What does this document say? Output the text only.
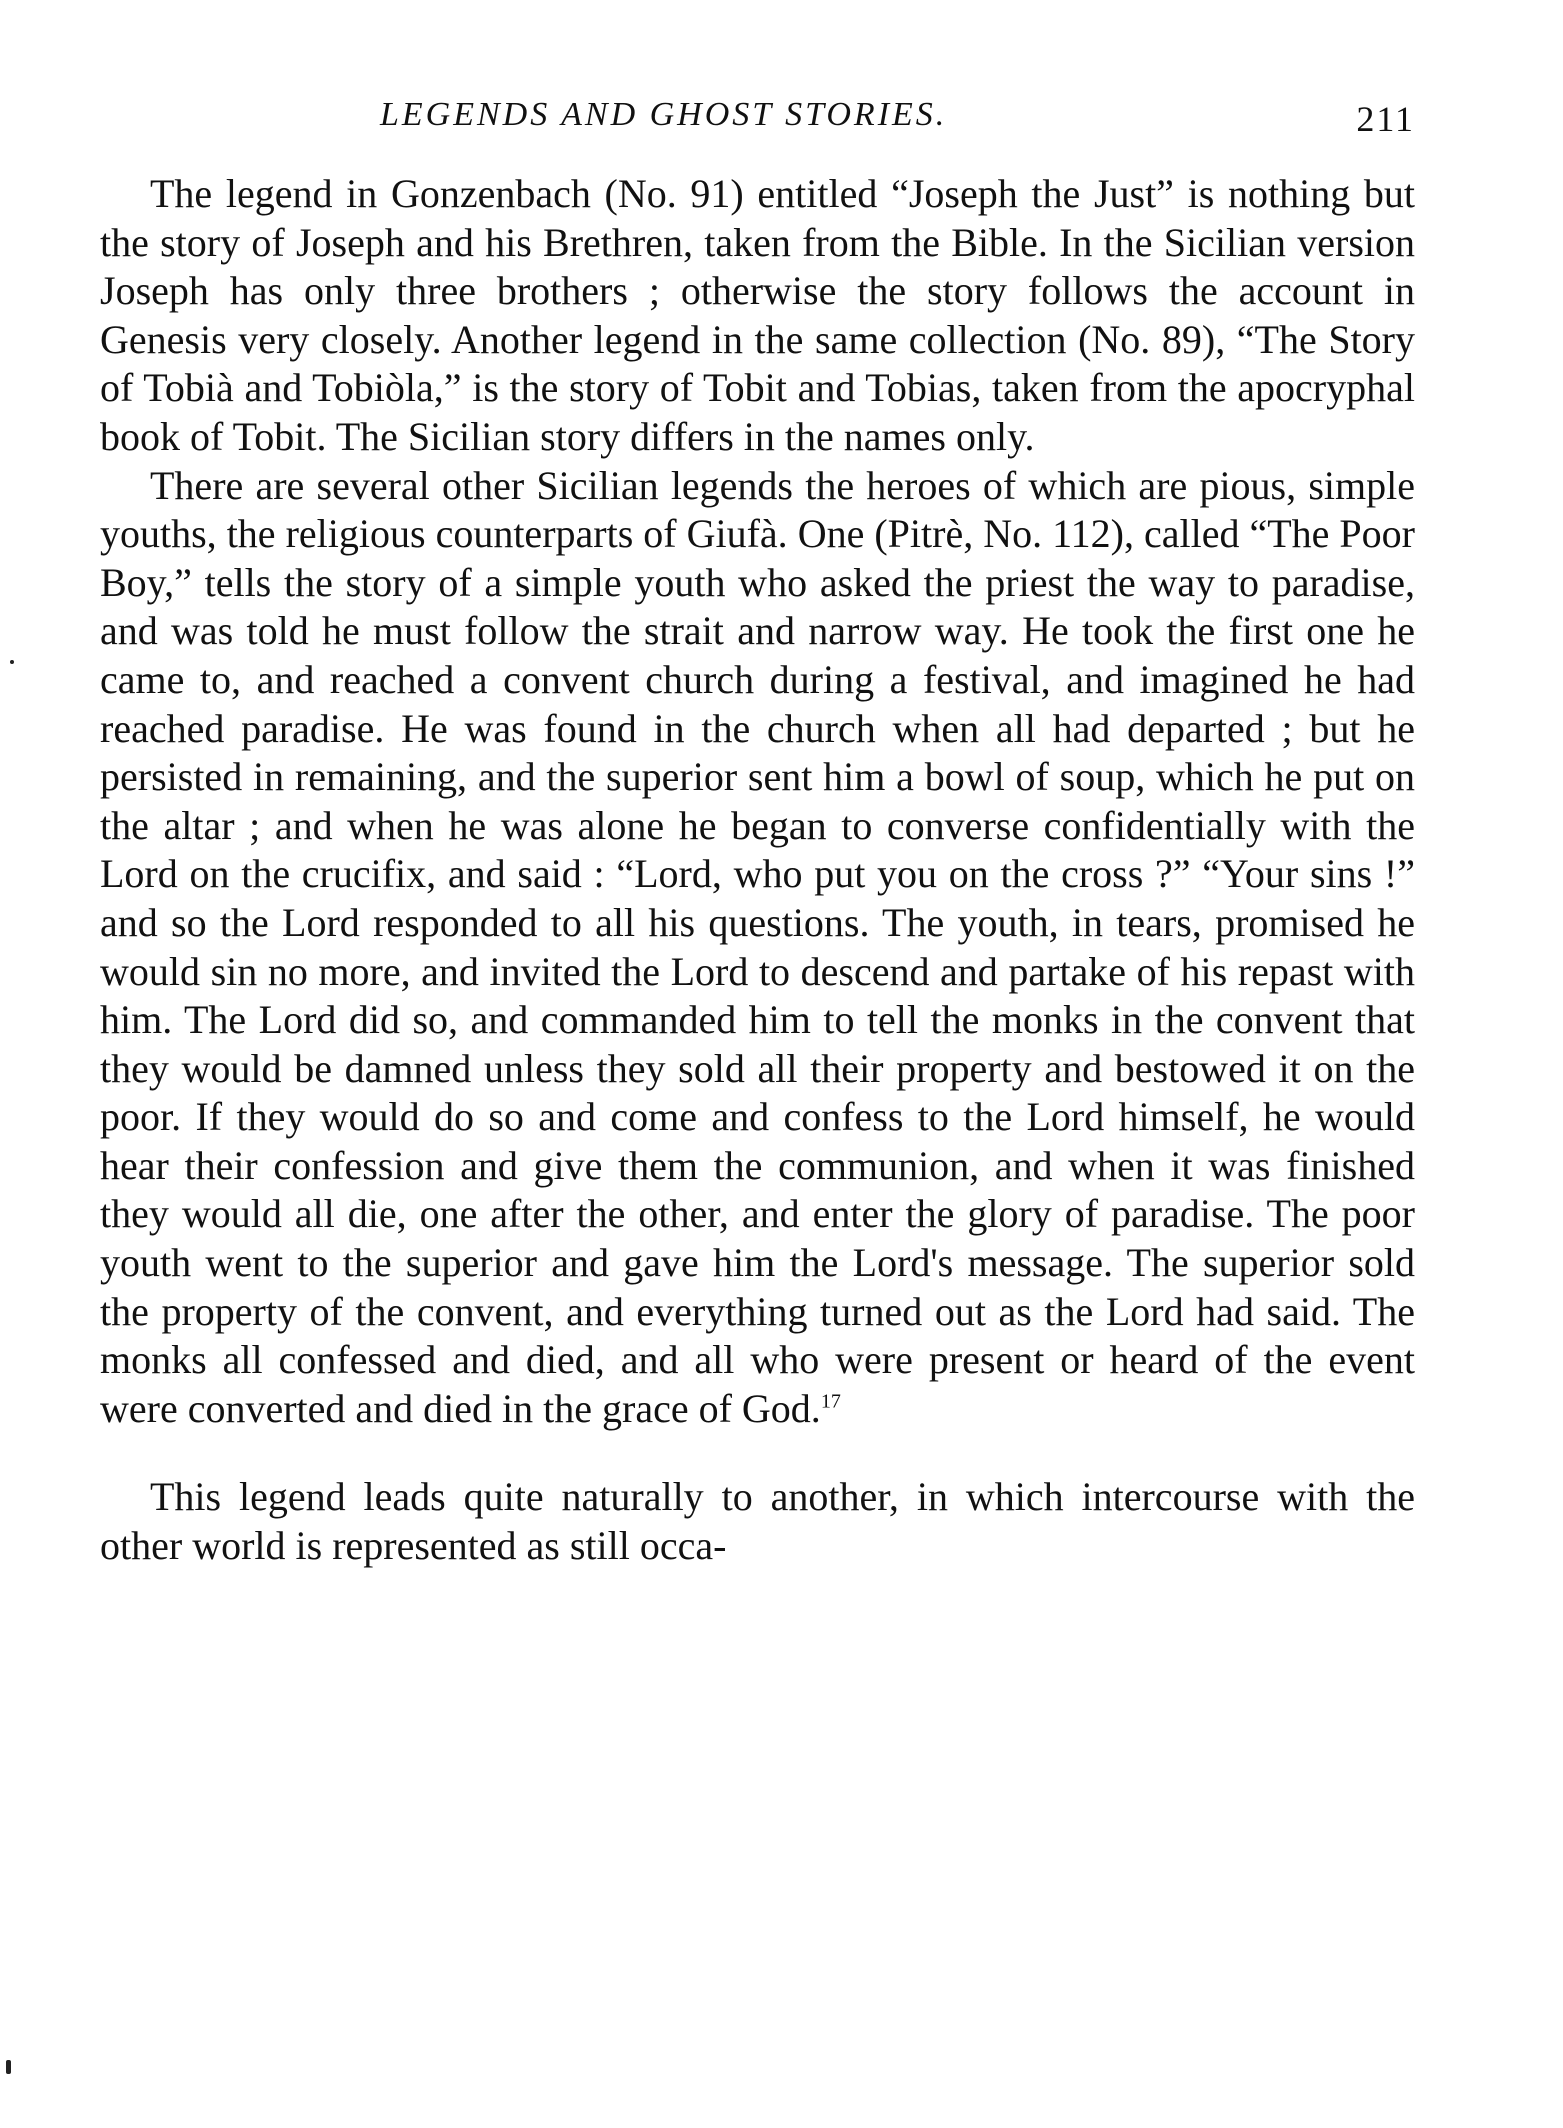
LEGENDS AND GHOST STORIES.	211

The legend in Gonzenbach (No. 91) entitled “Joseph the Just” is nothing but the story of Joseph and his Brethren, taken from the Bible. In the Sicilian version Joseph has only three brothers ; otherwise the story follows the account in Genesis very closely. Another legend in the same collection (No. 89), “The Story of Tobià and Tobiòla,” is the story of Tobit and Tobias, taken from the apocryphal book of Tobit. The Sicilian story differs in the names only.

There are several other Sicilian legends the heroes of which are pious, simple youths, the religious counterparts of Giufà. One (Pitrè, No. 112), called “The Poor Boy,” tells the story of a simple youth who asked the priest the way to paradise, and was told he must follow the strait and narrow way. He took the first one he came to, and reached a convent church during a festival, and imagined he had reached paradise. He was found in the church when all had departed ; but he persisted in remaining, and the superior sent him a bowl of soup, which he put on the altar ; and when he was alone he began to converse confidentially with the Lord on the crucifix, and said : “Lord, who put you on the cross ?” “Your sins !” and so the Lord responded to all his questions. The youth, in tears, promised he would sin no more, and invited the Lord to descend and partake of his repast with him. The Lord did so, and commanded him to tell the monks in the convent that they would be damned unless they sold all their property and bestowed it on the poor. If they would do so and come and confess to the Lord himself, he would hear their confession and give them the communion, and when it was finished they would all die, one after the other, and enter the glory of paradise. The poor youth went to the superior and gave him the Lord's message. The superior sold the property of the convent, and everything turned out as the Lord had said. The monks all confessed and died, and all who were present or heard of the event were converted and died in the grace of God.$^{17}$

This legend leads quite naturally to another, in which intercourse with the other world is represented as still occa-
